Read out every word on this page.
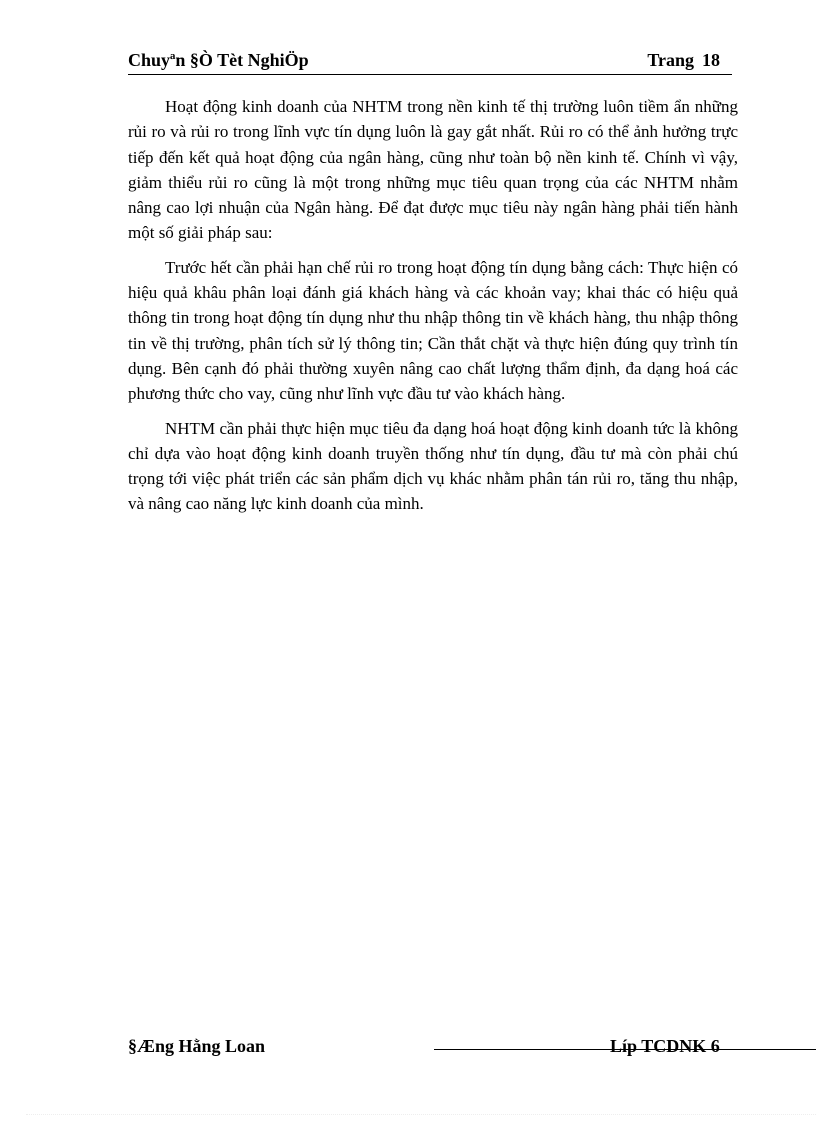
Chuyªn §Ò Tèt NghiÖp	Trang 18

Hoạt động kinh doanh của NHTM trong nền kinh tế thị trường luôn tiềm ẩn những rủi ro và rủi ro trong lĩnh vực tín dụng luôn là gay gắt nhất. Rủi ro có thể ảnh hưởng trực tiếp đến kết quả hoạt động của ngân hàng, cũng như toàn bộ nền kinh tế. Chính vì vậy, giảm thiểu rủi ro cũng là một trong những mục tiêu quan trọng của các NHTM nhằm nâng cao lợi nhuận của Ngân hàng. Để đạt được mục tiêu này ngân hàng phải tiến hành một số giải pháp sau:

Trước hết cần phải hạn chế rủi ro trong hoạt động tín dụng bằng cách: Thực hiện có hiệu quả khâu phân loại đánh giá khách hàng và các khoản vay; khai thác có hiệu quả thông tin trong hoạt động tín dụng như thu nhập thông tin về khách hàng, thu nhập thông tin về thị trường, phân tích sử lý thông tin; Cần thắt chặt và thực hiện đúng quy trình tín dụng. Bên cạnh đó phải thường xuyên nâng cao chất lượng thẩm định, đa dạng hoá các phương thức cho vay, cũng như lĩnh vực đầu tư vào khách hàng.

NHTM cần phải thực hiện mục tiêu đa dạng hoá hoạt động kinh doanh tức là không chỉ dựa vào hoạt động kinh doanh truyền thống như tín dụng, đầu tư mà còn phải chú trọng tới việc phát triển các sản phẩm dịch vụ khác nhằm phân tán rủi ro, tăng thu nhập, và nâng cao năng lực kinh doanh của mình.

§Æng Hằng Loan	Líp TCDNK 6
